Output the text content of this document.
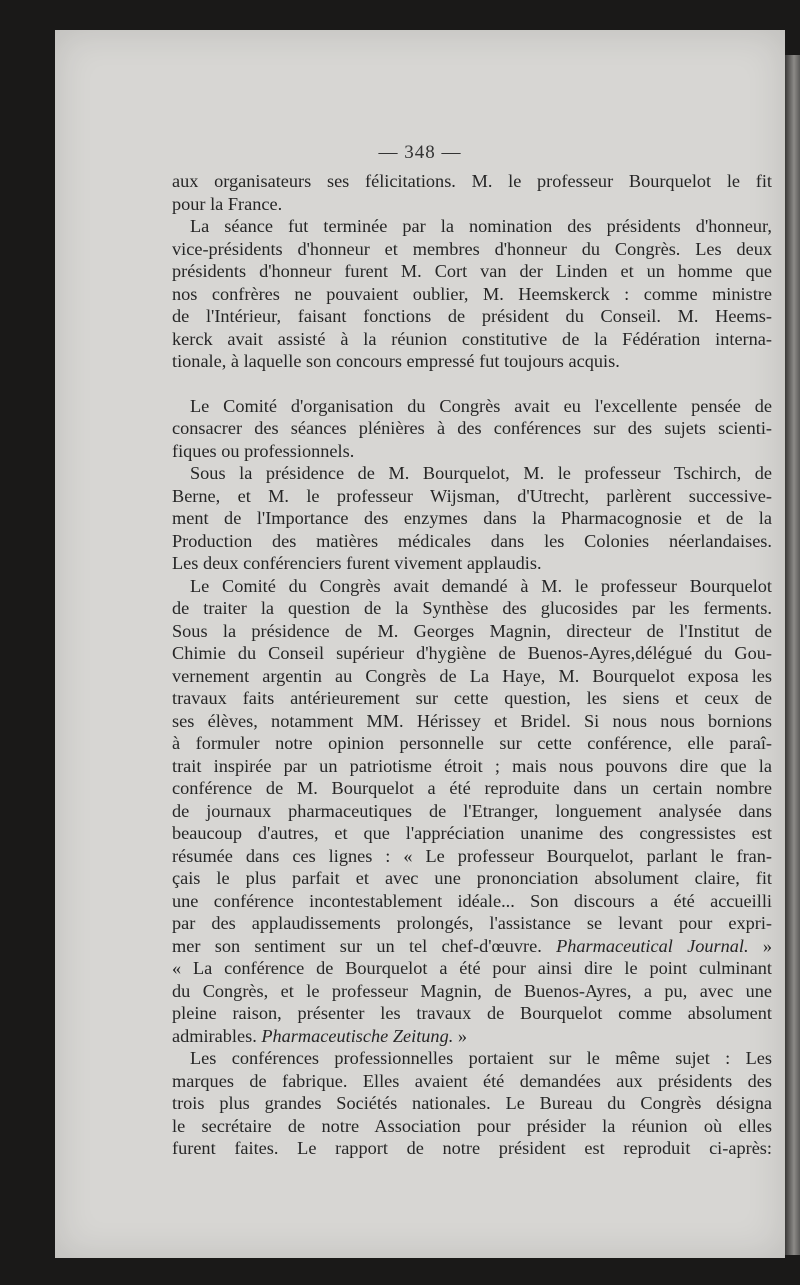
— 348 —
aux organisateurs ses félicitations. M. le professeur Bourquelot le fit
pour la France.
La séance fut terminée par la nomination des présidents d'honneur,
vice-présidents d'honneur et membres d'honneur du Congrès. Les deux
présidents d'honneur furent M. Cort van der Linden et un homme que
nos confrères ne pouvaient oublier, M. Heemskerck : comme ministre
de l'Intérieur, faisant fonctions de président du Conseil. M. Heems-
kerck avait assisté à la réunion constitutive de la Fédération interna-
tionale, à laquelle son concours empressé fut toujours acquis.
Le Comité d'organisation du Congrès avait eu l'excellente pensée de
consacrer des séances plénières à des conférences sur des sujets scienti-
fiques ou professionnels.
Sous la présidence de M. Bourquelot, M. le professeur Tschirch, de
Berne, et M. le professeur Wijsman, d'Utrecht, parlèrent successive-
ment de l'Importance des enzymes dans la Pharmacognosie et de la
Production des matières médicales dans les Colonies néerlandaises.
Les deux conférenciers furent vivement applaudis.
Le Comité du Congrès avait demandé à M. le professeur Bourquelot
de traiter la question de la Synthèse des glucosides par les ferments.
Sous la présidence de M. Georges Magnin, directeur de l'Institut de
Chimie du Conseil supérieur d'hygiène de Buenos-Ayres,délégué du Gou-
vernement argentin au Congrès de La Haye, M. Bourquelot exposa les
travaux faits antérieurement sur cette question, les siens et ceux de
ses élèves, notamment MM. Hérissey et Bridel. Si nous nous bornions
à formuler notre opinion personnelle sur cette conférence, elle paraî-
trait inspirée par un patriotisme étroit ; mais nous pouvons dire que la
conférence de M. Bourquelot a été reproduite dans un certain nombre
de journaux pharmaceutiques de l'Etranger, longuement analysée dans
beaucoup d'autres, et que l'appréciation unanime des congressistes est
résumée dans ces lignes : « Le professeur Bourquelot, parlant le fran-
çais le plus parfait et avec une prononciation absolument claire, fit
une conférence incontestablement idéale... Son discours a été accueilli
par des applaudissements prolongés, l'assistance se levant pour expri-
mer son sentiment sur un tel chef-d'œuvre. Pharmaceutical Journal. »
« La conférence de Bourquelot a été pour ainsi dire le point culminant
du Congrès, et le professeur Magnin, de Buenos-Ayres, a pu, avec une
pleine raison, présenter les travaux de Bourquelot comme absolument
admirables. Pharmaceutische Zeitung. »
Les conférences professionnelles portaient sur le même sujet : Les
marques de fabrique. Elles avaient été demandées aux présidents des
trois plus grandes Sociétés nationales. Le Bureau du Congrès désigna
le secrétaire de notre Association pour présider la réunion où elles
furent faites. Le rapport de notre président est reproduit ci-après:
